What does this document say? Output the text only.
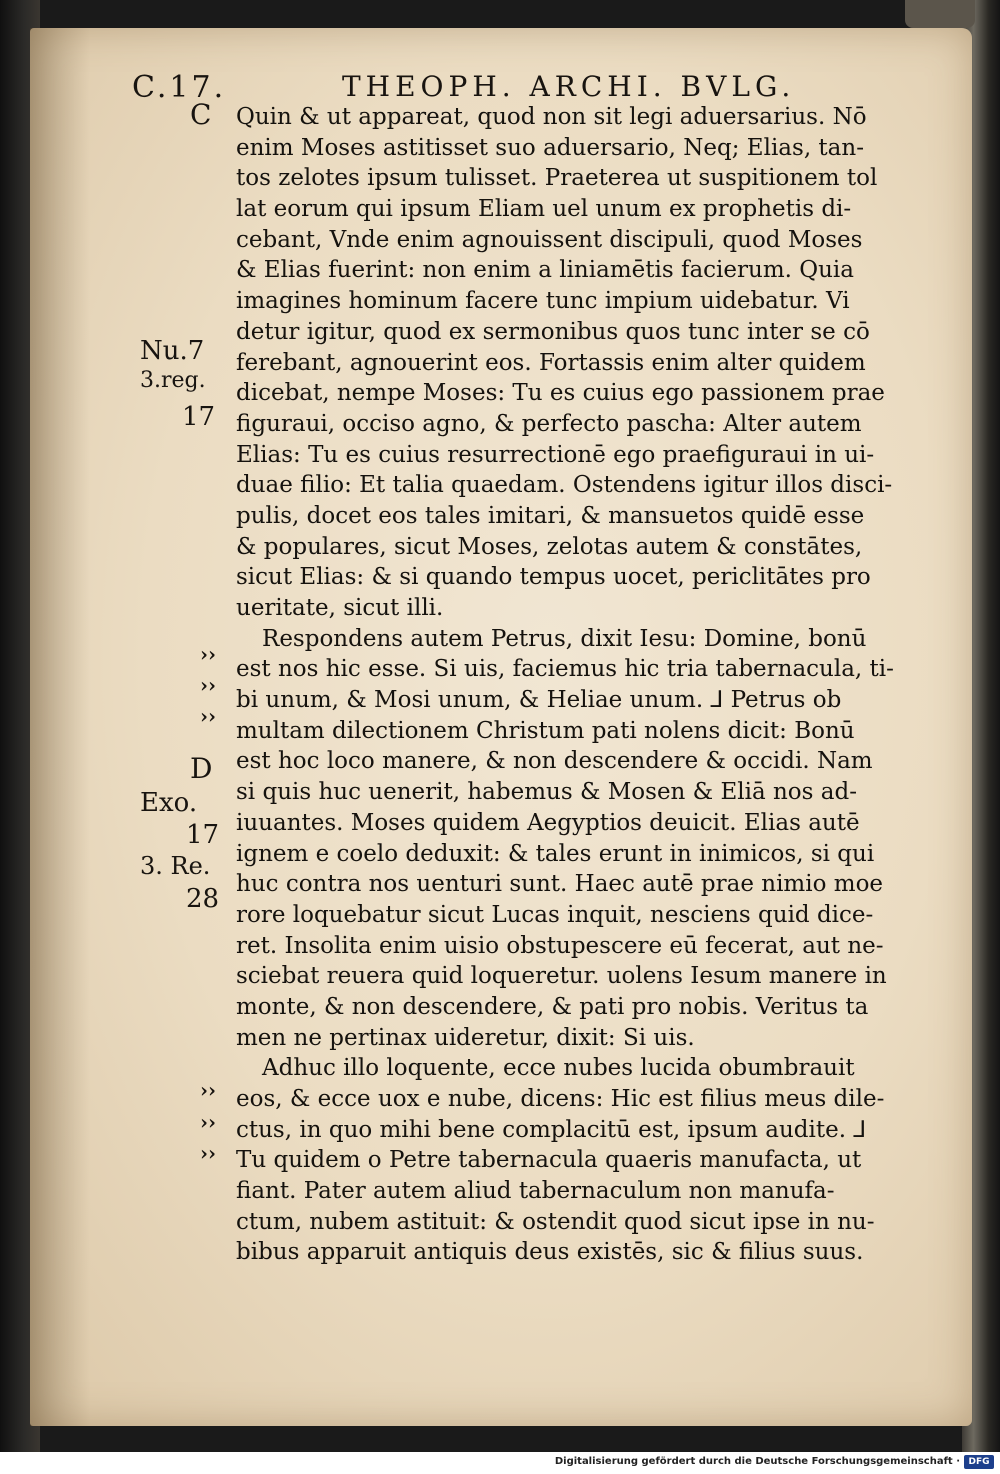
C.17.	THEOPH. ARCHI. BVLG.
C
D
Nu.7
3.reg.
17
Exo.
17
3. Re.
28
››
››
››
››
››
››
Quin & ut appareat, quod non sit legi aduersarius. Nō
enim Moses astitisset suo aduersario, Neq; Elias, tan-
tos zelotes ipsum tulisset. Praeterea ut suspitionem tol
lat eorum qui ipsum Eliam uel unum ex prophetis di-
cebant, Vnde enim agnouissent discipuli, quod Moses
& Elias fuerint: non enim a liniamētis facierum. Quia
imagines hominum facere tunc impium uidebatur. Vi
detur igitur, quod ex sermonibus quos tunc inter se cō
ferebant, agnouerint eos. Fortassis enim alter quidem
dicebat, nempe Moses: Tu es cuius ego passionem prae
figuraui, occiso agno, & perfecto pascha: Alter autem
Elias: Tu es cuius resurrectionē ego praefiguraui in ui-
duae filio: Et talia quaedam. Ostendens igitur illos disci-
pulis, docet eos tales imitari, & mansuetos quidē esse
& populares, sicut Moses, zelotas autem & constātes,
sicut Elias: & si quando tempus uocet, periclitātes pro
ueritate, sicut illi.
Respondens autem Petrus, dixit Iesu: Domine, bonū
est nos hic esse. Si uis, faciemus hic tria tabernacula, ti-
bi unum, & Mosi unum, & Heliae unum. ⅃ Petrus ob
multam dilectionem Christum pati nolens dicit: Bonū
est hoc loco manere, & non descendere & occidi. Nam
si quis huc uenerit, habemus & Mosen & Eliā nos ad-
iuuantes. Moses quidem Aegyptios deuicit. Elias autē
ignem e coelo deduxit: & tales erunt in inimicos, si qui
huc contra nos uenturi sunt. Haec autē prae nimio moe
rore loquebatur sicut Lucas inquit, nesciens quid dice-
ret. Insolita enim uisio obstupescere eū fecerat, aut ne-
sciebat reuera quid loqueretur. uolens Iesum manere in
monte, & non descendere, & pati pro nobis. Veritus ta
men ne pertinax uideretur, dixit: Si uis.
Adhuc illo loquente, ecce nubes lucida obumbrauit
eos, & ecce uox e nube, dicens: Hic est filius meus dile-
ctus, in quo mihi bene complacitū est, ipsum audite. ⅃
Tu quidem o Petre tabernacula quaeris manufacta, ut
fiant. Pater autem aliud tabernaculum non manufa-
ctum, nubem astituit: & ostendit quod sicut ipse in nu-
bibus apparuit antiquis deus existēs, sic & filius suus.
Digitalisierung gefördert durch die Deutsche Forschungsgemeinschaft · DFG
